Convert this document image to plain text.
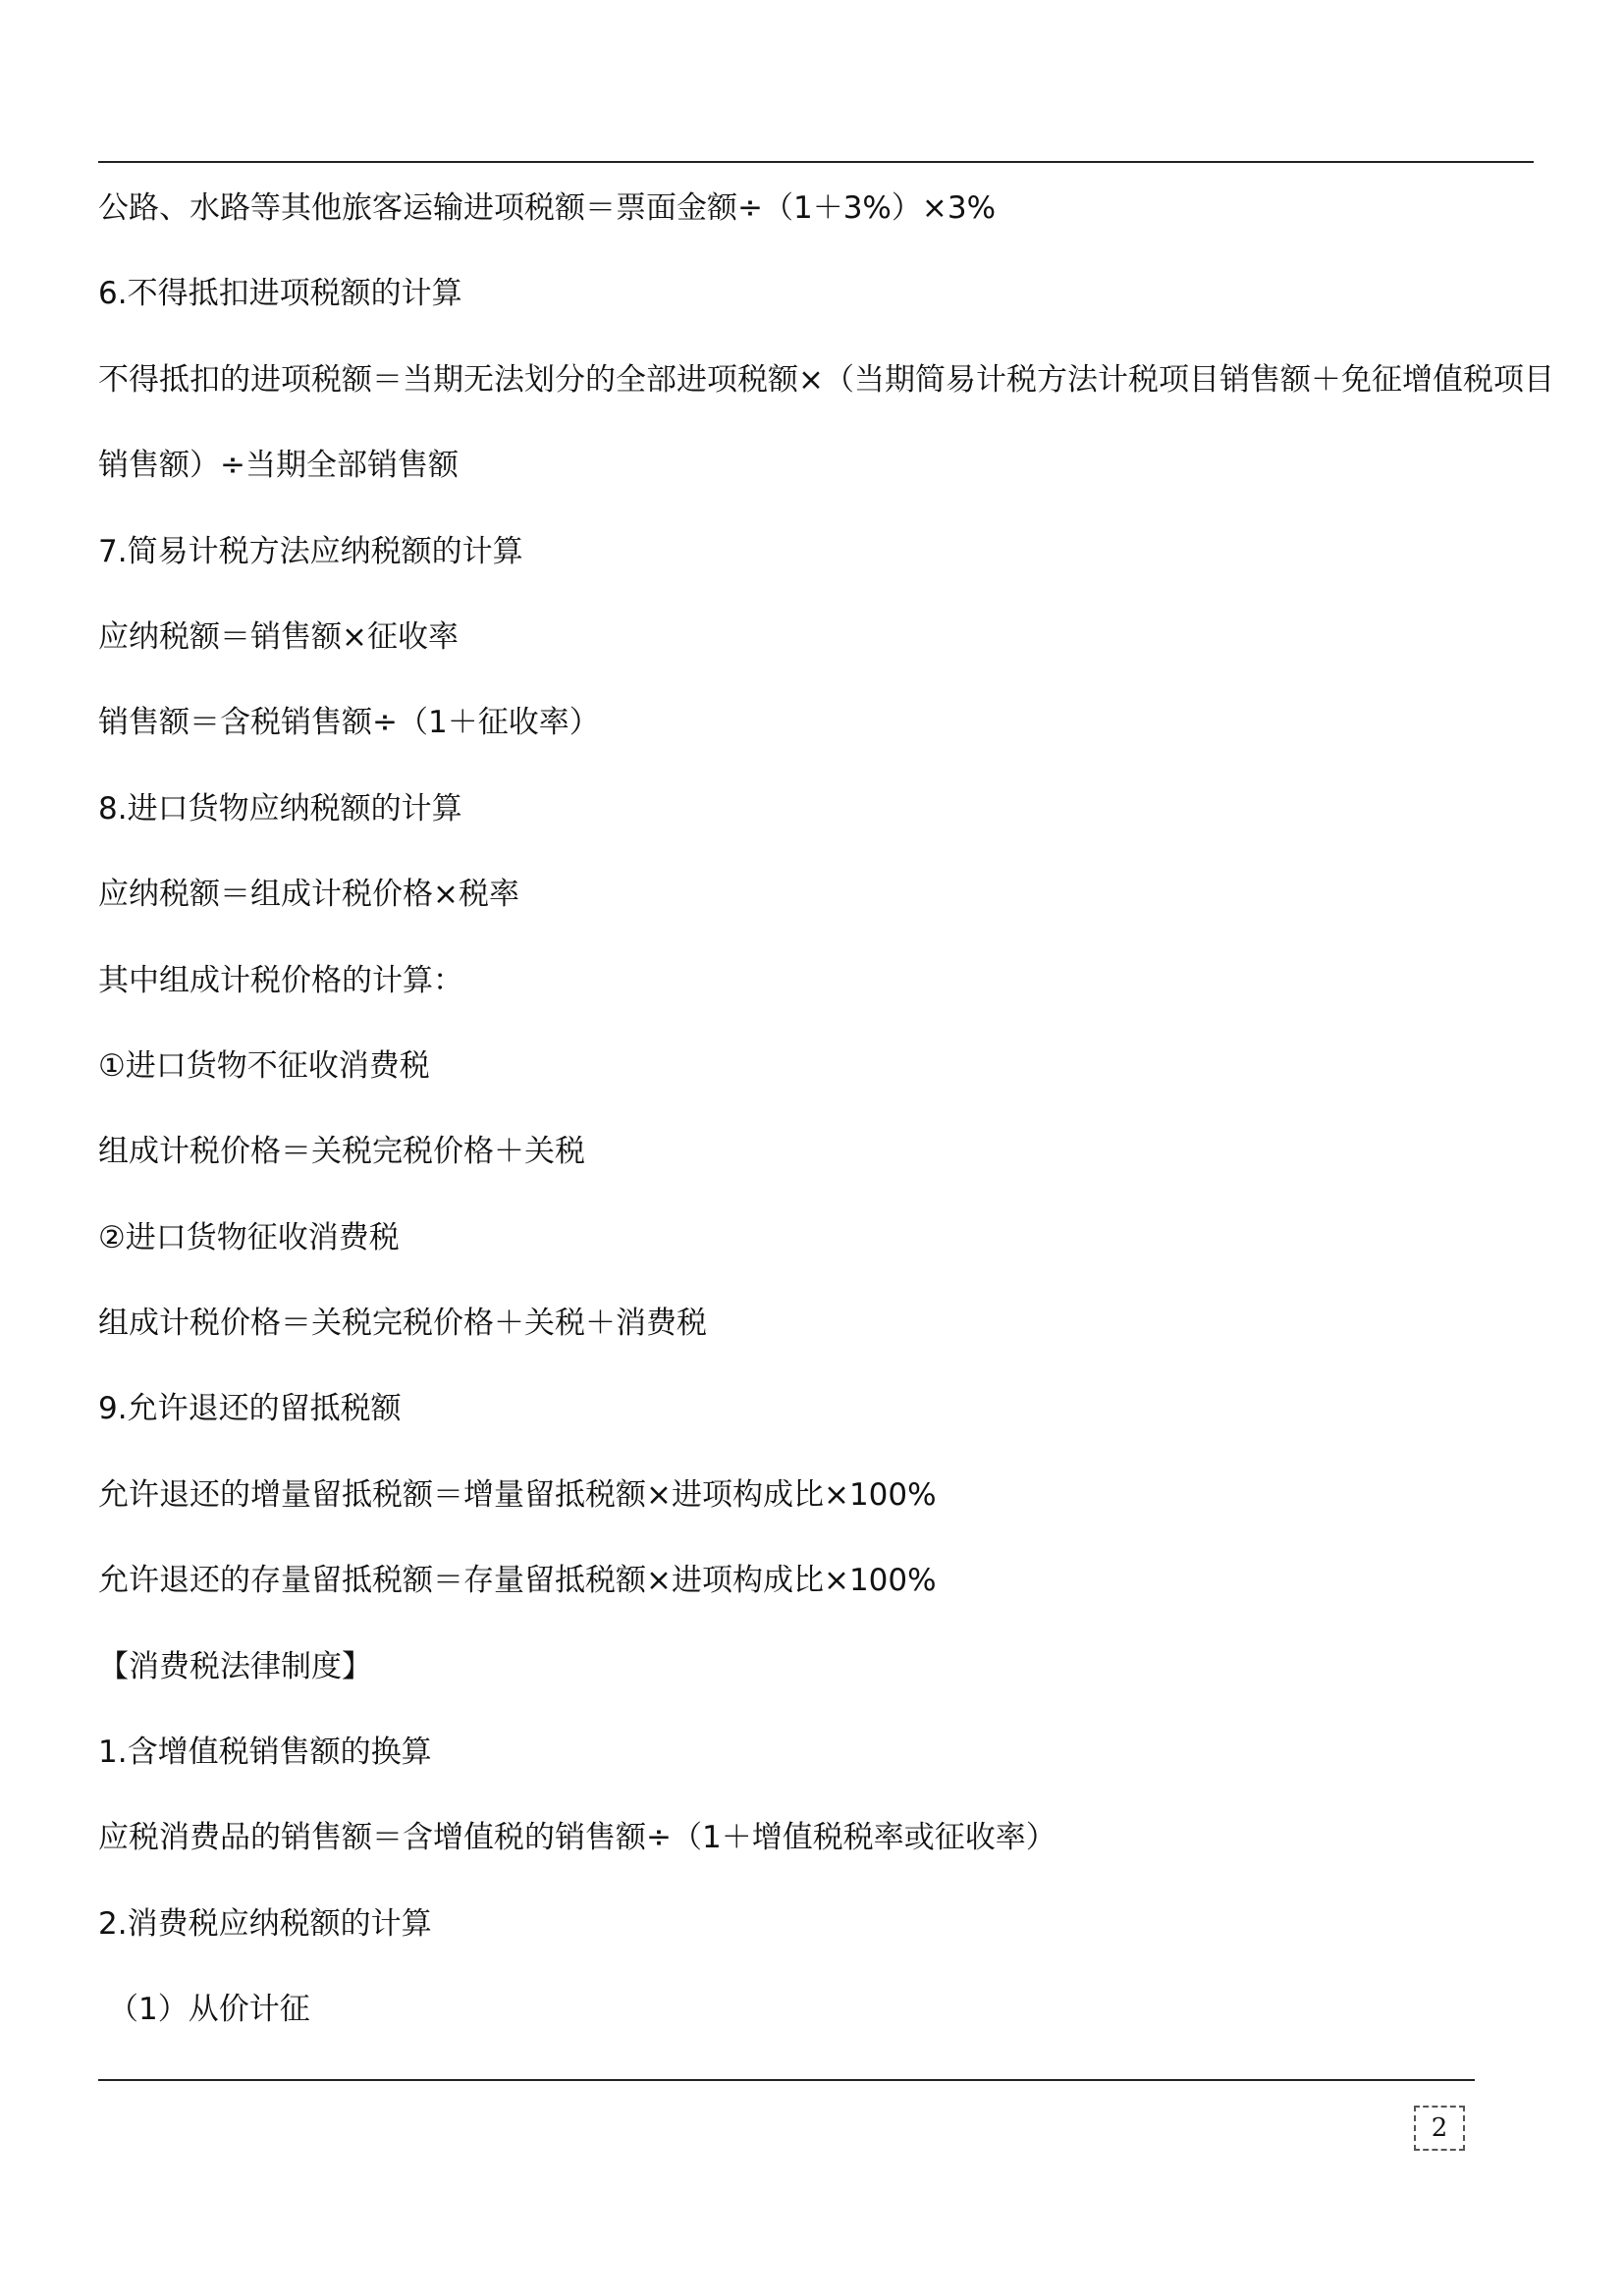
公路、水路等其他旅客运输进项税额＝票面金额÷（1＋3%）×3%
6.不得抵扣进项税额的计算
不得抵扣的进项税额＝当期无法划分的全部进项税额×（当期简易计税方法计税项目销售额＋免征增值税项目
销售额）÷当期全部销售额
7.简易计税方法应纳税额的计算
应纳税额＝销售额×征收率
销售额＝含税销售额÷（1＋征收率）
8.进口货物应纳税额的计算
应纳税额＝组成计税价格×税率
其中组成计税价格的计算：
①进口货物不征收消费税
组成计税价格＝关税完税价格＋关税
②进口货物征收消费税
组成计税价格＝关税完税价格＋关税＋消费税
9.允许退还的留抵税额
允许退还的增量留抵税额＝增量留抵税额×进项构成比×100%
允许退还的存量留抵税额＝存量留抵税额×进项构成比×100%
【消费税法律制度】
1.含增值税销售额的换算
应税消费品的销售额＝含增值税的销售额÷（1＋增值税税率或征收率）
2.消费税应纳税额的计算
（1）从价计征
2
